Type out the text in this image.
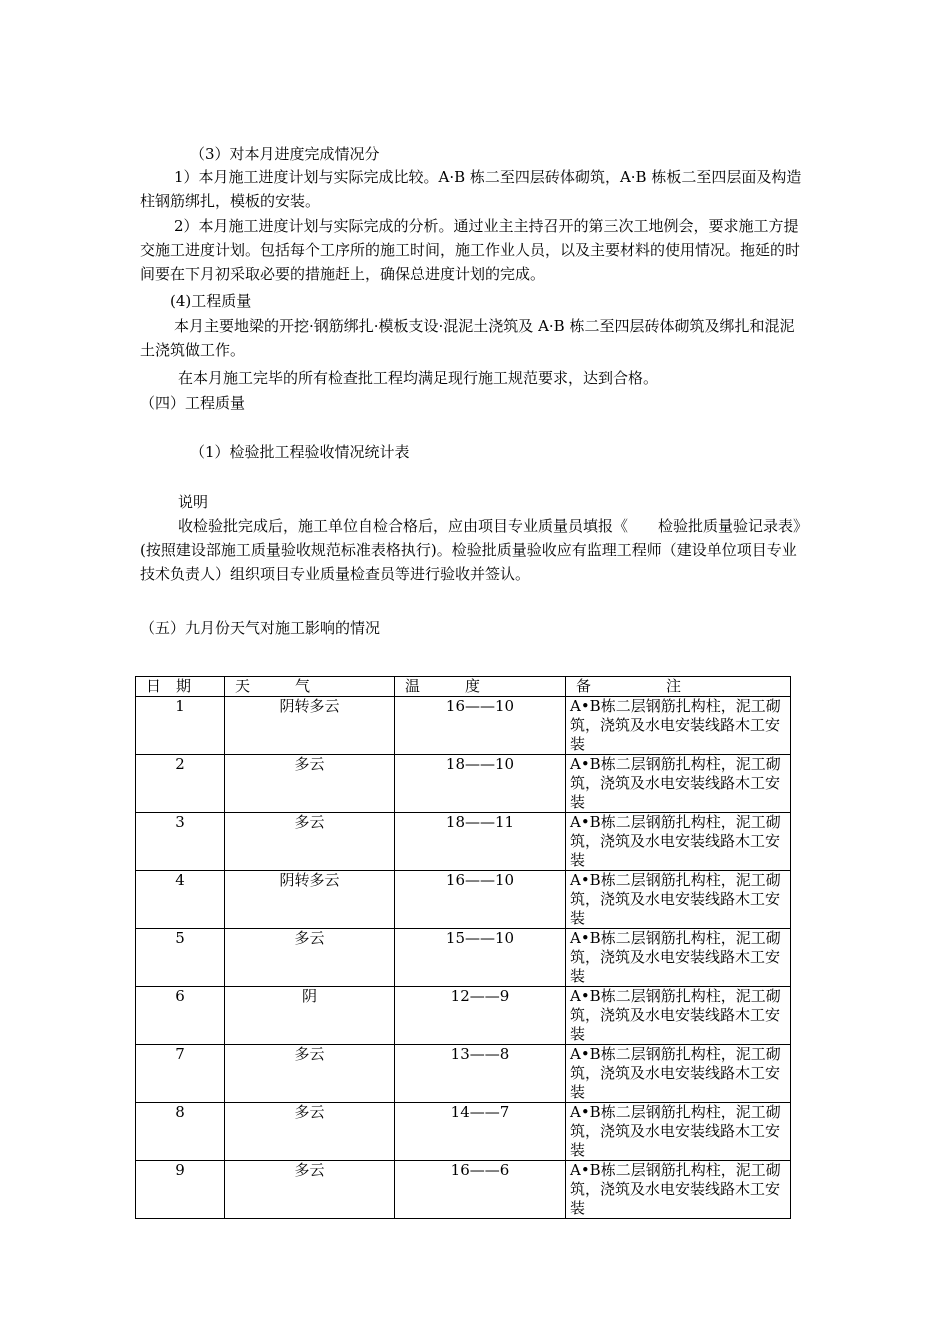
（3）对本月进度完成情况分
1）本月施工进度计划与实际完成比较。A·B 栋二至四层砖体砌筑，A·B 栋板二至四层面及构造柱钢筋绑扎，模板的安装。
2）本月施工进度计划与实际完成的分析。通过业主主持召开的第三次工地例会，要求施工方提交施工进度计划。包括每个工序所的施工时间，施工作业人员，以及主要材料的使用情况。拖延的时间要在下月初采取必要的措施赶上，确保总进度计划的完成。
(4)工程质量
本月主要地梁的开挖·钢筋绑扎·模板支设·混泥土浇筑及 A·B 栋二至四层砖体砌筑及绑扎和混泥土浇筑做工作。
在本月施工完毕的所有检查批工程均满足现行施工规范要求，达到合格。
（四）工程质量
（1）检验批工程验收情况统计表
说明
收检验批完成后，施工单位自检合格后，应由项目专业质量员填报《　　检验批质量验记录表》(按照建设部施工质量验收规范标准表格执行)。检验批质量验收应有监理工程师（建设单位项目专业技术负责人）组织项目专业质量检查员等进行验收并签认。
（五）九月份天气对施工影响的情况
日　期	天　　　气	温　　　度	备　　　　　注
1	阴转多云	16——10	A•B栋二层钢筋扎构柱，泥工砌筑，浇筑及水电安装线路木工安装
2	多云	18——10	A•B栋二层钢筋扎构柱，泥工砌筑，浇筑及水电安装线路木工安装
3	多云	18——11	A•B栋二层钢筋扎构柱，泥工砌筑，浇筑及水电安装线路木工安装
4	阴转多云	16——10	A•B栋二层钢筋扎构柱，泥工砌筑，浇筑及水电安装线路木工安装
5	多云	15——10	A•B栋二层钢筋扎构柱，泥工砌筑，浇筑及水电安装线路木工安装
6	阴	12——9	A•B栋二层钢筋扎构柱，泥工砌筑，浇筑及水电安装线路木工安装
7	多云	13——8	A•B栋二层钢筋扎构柱，泥工砌筑，浇筑及水电安装线路木工安装
8	多云	14——7	A•B栋二层钢筋扎构柱，泥工砌筑，浇筑及水电安装线路木工安装
9	多云	16——6	A•B栋二层钢筋扎构柱，泥工砌筑，浇筑及水电安装线路木工安装
